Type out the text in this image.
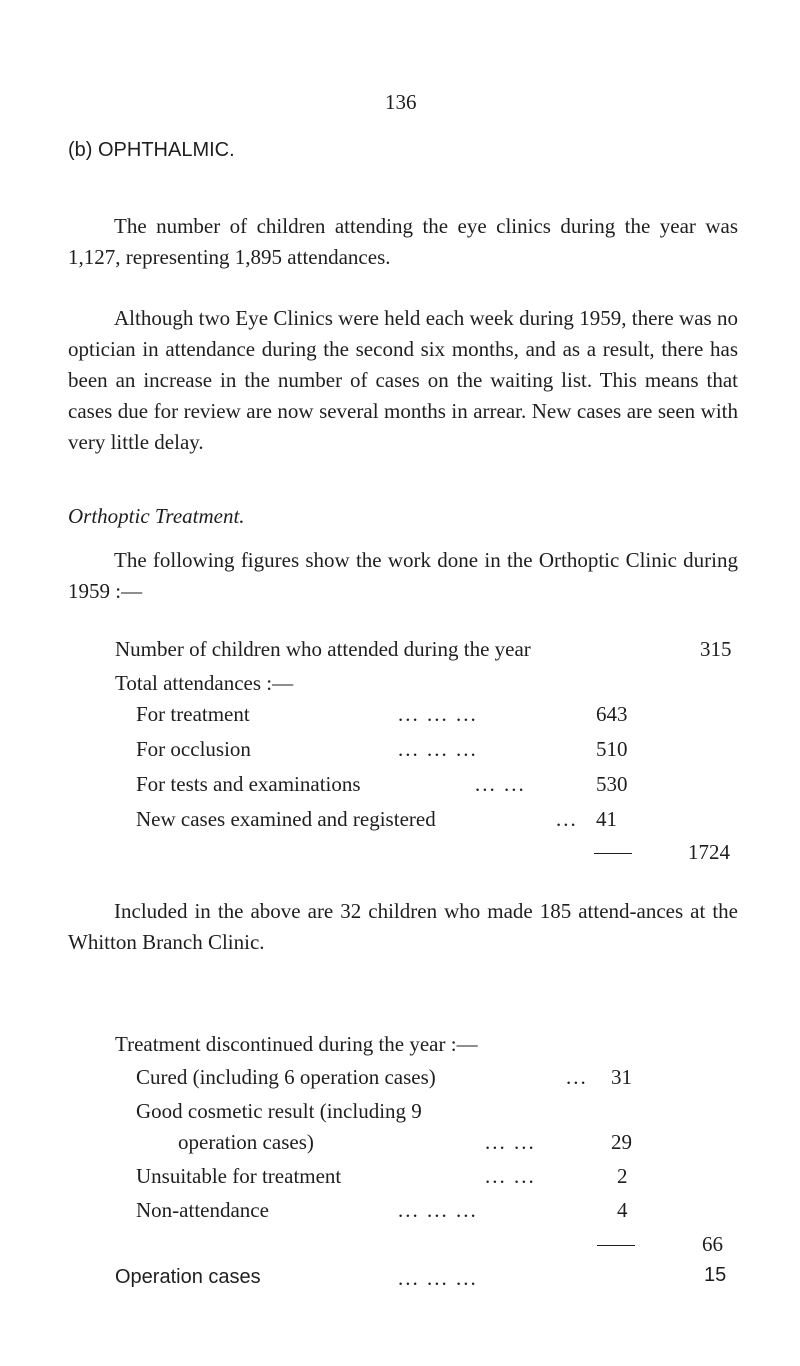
136
(b) OPHTHALMIC.

The number of children attending the eye clinics during the year was 1,127, representing 1,895 attendances.

Although two Eye Clinics were held each week during 1959, there was no optician in attendance during the second six months, and as a result, there has been an increase in the number of cases on the waiting list. This means that cases due for review are now several months in arrear. New cases are seen with very little delay.

Orthoptic Treatment.

The following figures show the work done in the Orthoptic Clinic during 1959 :—

Number of children who attended during the year	315
Total attendances :—
For treatment	... ... ...	643
For occlusion	... ... ...	510
For tests and examinations	... ...	530
New cases examined and registered	... 41
1724

Included in the above are 32 children who made 185 attend-ances at the Whitton Branch Clinic.

Treatment discontinued during the year :—
Cured (including 6 operation cases)	... 31
Good cosmetic result (including 9
operation cases)	... ...	29
Unsuitable for treatment	... ...	2
Non-attendance	... ... ...	4
66
Operation cases	... ... ...	15
